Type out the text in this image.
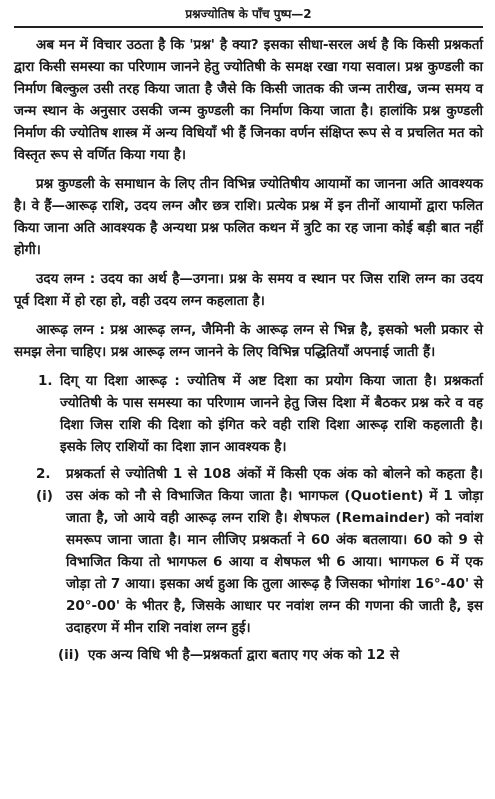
प्रश्नज्योतिष के पाँच पुष्प—2

अब मन में विचार उठता है कि 'प्रश्न' है क्या? इसका सीधा-सरल अर्थ है कि किसी प्रश्नकर्ता द्वारा किसी समस्या का परिणाम जानने हेतु ज्योतिषी के समक्ष रखा गया सवाल। प्रश्न कुण्डली का निर्माण बिल्कुल उसी तरह किया जाता है जैसे कि किसी जातक की जन्म तारीख, जन्म समय व जन्म स्थान के अनुसार उसकी जन्म कुण्डली का निर्माण किया जाता है। हालांकि प्रश्न कुण्डली निर्माण की ज्योतिष शास्त्र में अन्य विधियाँ भी हैं जिनका वर्णन संक्षिप्त रूप से व प्रचलित मत को विस्तृत रूप से वर्णित किया गया है।

प्रश्न कुण्डली के समाधान के लिए तीन विभिन्न ज्योतिषीय आयामों का जानना अति आवश्यक है। वे हैं—आरूढ़ राशि, उदय लग्न और छत्र राशि। प्रत्येक प्रश्न में इन तीनों आयामों द्वारा फलित किया जाना अति आवश्यक है अन्यथा प्रश्न फलित कथन में त्रुटि का रह जाना कोई बड़ी बात नहीं होगी।

उदय लग्न : उदय का अर्थ है—उगना। प्रश्न के समय व स्थान पर जिस राशि लग्न का उदय पूर्व दिशा में हो रहा हो, वही उदय लग्न कहलाता है।

आरूढ़ लग्न : प्रश्न आरूढ़ लग्न, जैमिनी के आरूढ़ लग्न से भिन्न है, इसको भली प्रकार से समझ लेना चाहिए। प्रश्न आरूढ़ लग्न जानने के लिए विभिन्न पद्धितियाँ अपनाई जाती हैं।

1. दिग् या दिशा आरूढ़ : ज्योतिष में अष्ट दिशा का प्रयोग किया जाता है। प्रश्नकर्ता ज्योतिषी के पास समस्या का परिणाम जानने हेतु जिस दिशा में बैठकर प्रश्न करे व वह दिशा जिस राशि की दिशा को इंगित करे वही राशि दिशा आरूढ़ राशि कहलाती है। इसके लिए राशियों का दिशा ज्ञान आवश्यक है।
2. (i)
प्रश्नकर्ता से ज्योतिषी 1 से 108 अंकों में किसी एक अंक को बोलने को कहता है। उस अंक को नौ से विभाजित किया जाता है। भागफल (Quotient) में 1 जोड़ा जाता है, जो आये वही आरूढ़ लग्न राशि है। शेषफल (Remainder) को नवांश समरूप जाना जाता है। मान लीजिए प्रश्नकर्ता ने 60 अंक बतलाया। 60 को 9 से विभाजित किया तो भागफल 6 आया व शेषफल भी 6 आया। भागफल 6 में एक जोड़ा तो 7 आया। इसका अर्थ हुआ कि तुला आरूढ़ है जिसका भोगांश 16°-40' से 20°-00' के भीतर है, जिसके आधार पर नवांश लग्न की गणना की जाती है, इस उदाहरण में मीन राशि नवांश लग्न हुई।
(ii) एक अन्य विधि भी है—प्रश्नकर्ता द्वारा बताए गए अंक को 12 से
